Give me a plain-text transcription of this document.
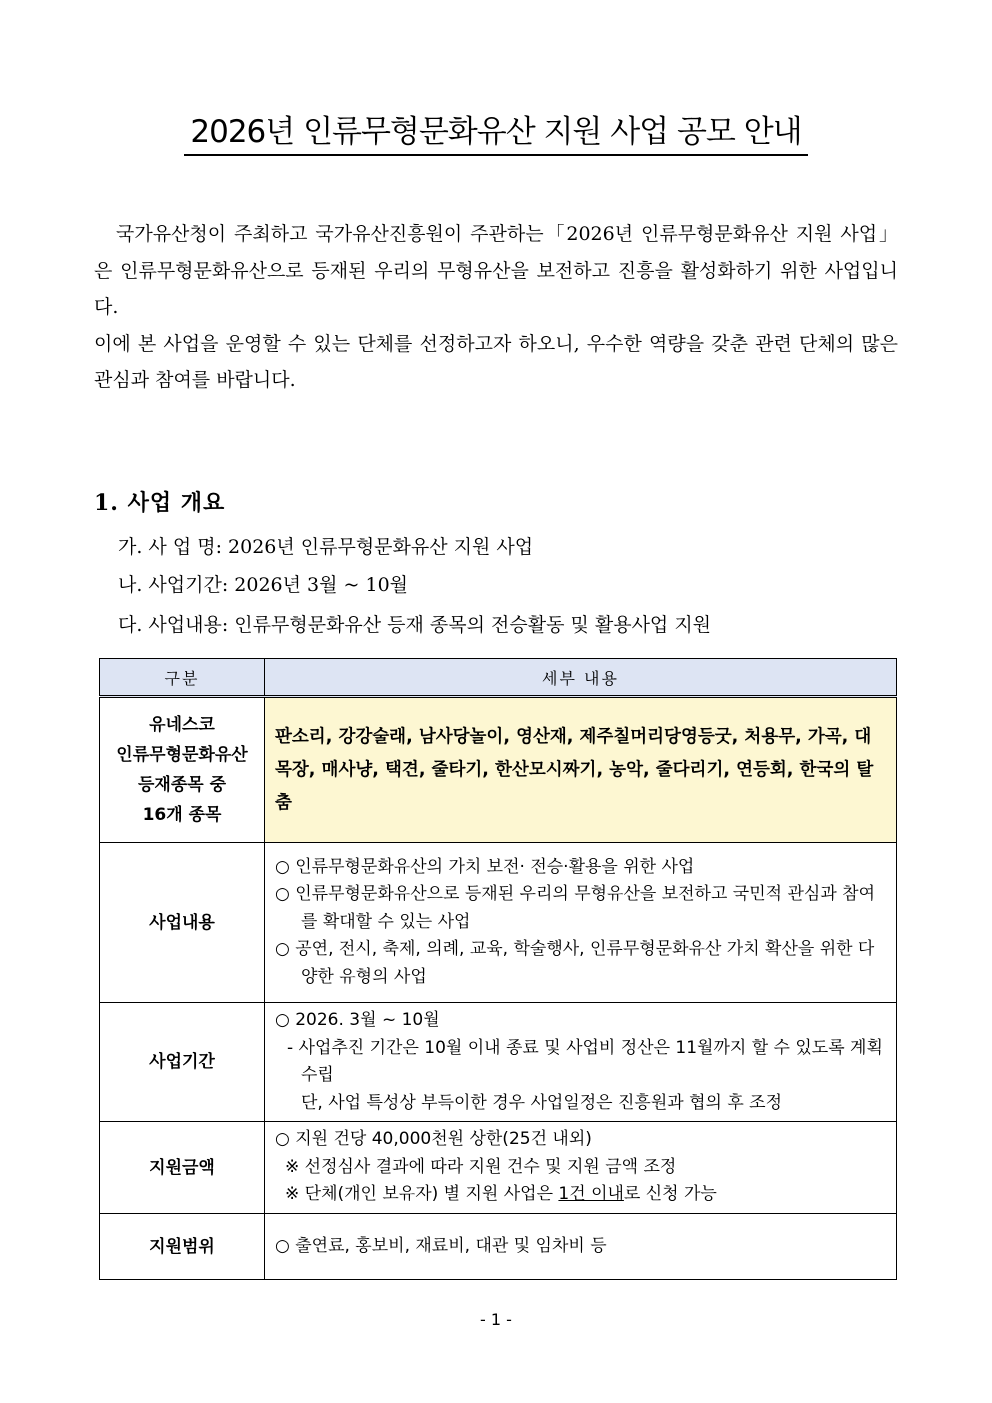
2026년 인류무형문화유산 지원 사업 공모 안내

국가유산청이 주최하고 국가유산진흥원이 주관하는「2026년 인류무형문화유산 지원 사업」은 인류무형문화유산으로 등재된 우리의 무형유산을 보전하고 진흥을 활성화하기 위한 사업입니다.

이에 본 사업을 운영할 수 있는 단체를 선정하고자 하오니, 우수한 역량을 갖춘 관련 단체의 많은 관심과 참여를 바랍니다.

1. 사업 개요
가. 사 업 명: 2026년 인류무형문화유산 지원 사업
나. 사업기간: 2026년 3월 ~ 10월
다. 사업내용: 인류무형문화유산 등재 종목의 전승활동 및 활용사업 지원
구분	세부 내용

유네스코
인류무형문화유산
등재종목 중
16개 종목	판소리, 강강술래, 남사당놀이, 영산재, 제주칠머리당영등굿, 처용무, 가곡, 대목장, 매사냥, 택견, 줄타기, 한산모시짜기, 농악, 줄다리기, 연등회, 한국의 탈춤
사업내용	○ 인류무형문화유산의 가치 보전· 전승·활용을 위한 사업
○ 인류무형문화유산으로 등재된 우리의 무형유산을 보전하고 국민적 관심과 참여를 확대할 수 있는 사업
○ 공연, 전시, 축제, 의례, 교육, 학술행사, 인류무형문화유산 가치 확산을 위한 다양한 유형의 사업

사업기간	○ 2026. 3월 ~ 10월
- 사업추진 기간은 10월 이내 종료 및 사업비 정산은 11월까지 할 수 있도록 계획 수립
단, 사업 특성상 부득이한 경우 사업일정은 진흥원과 협의 후 조정

지원금액	○ 지원 건당 40,000천원 상한(25건 내외)
※ 선정심사 결과에 따라 지원 건수 및 지원 금액 조정
※ 단체(개인 보유자) 별 지원 사업은 1건 이내로 신청 가능

지원범위	○ 출연료, 홍보비, 재료비, 대관 및 임차비 등
- 1 -
